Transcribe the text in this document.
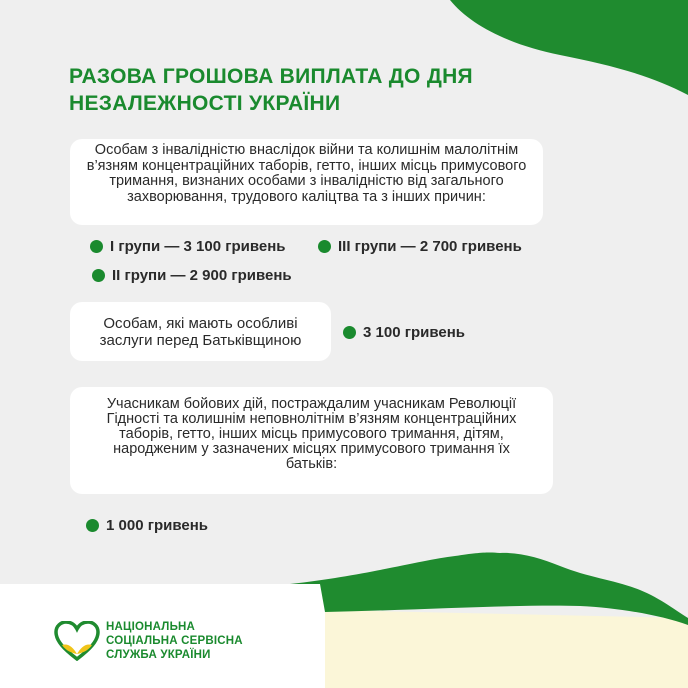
РАЗОВА ГРОШОВА ВИПЛАТА ДО ДНЯ НЕЗАЛЕЖНОСТІ УКРАЇНИ
Особам з інвалідністю внаслідок війни та колишнім малолітнім в’язням концентраційних таборів, гетто, інших місць примусового тримання, визнаних особами з інвалідністю від загального захворювання, трудового каліцтва та з інших причин:
I групи — 3 100 гривень	III групи — 2 700 гривень
II групи — 2 900 гривень
Особам, які мають особливі заслуги перед Батьківщиною	3 100 гривень
Учасникам бойових дій, постраждалим учасникам Революції Гідності та колишнім неповнолітнім в’язням концентраційних таборів, гетто, інших місць примусового тримання, дітям, народженим у зазначених місцях примусового тримання їх батьків:
1 000 гривень
НАЦІОНАЛЬНА
СОЦІАЛЬНА СЕРВІСНА
СЛУЖБА УКРАЇНИ
